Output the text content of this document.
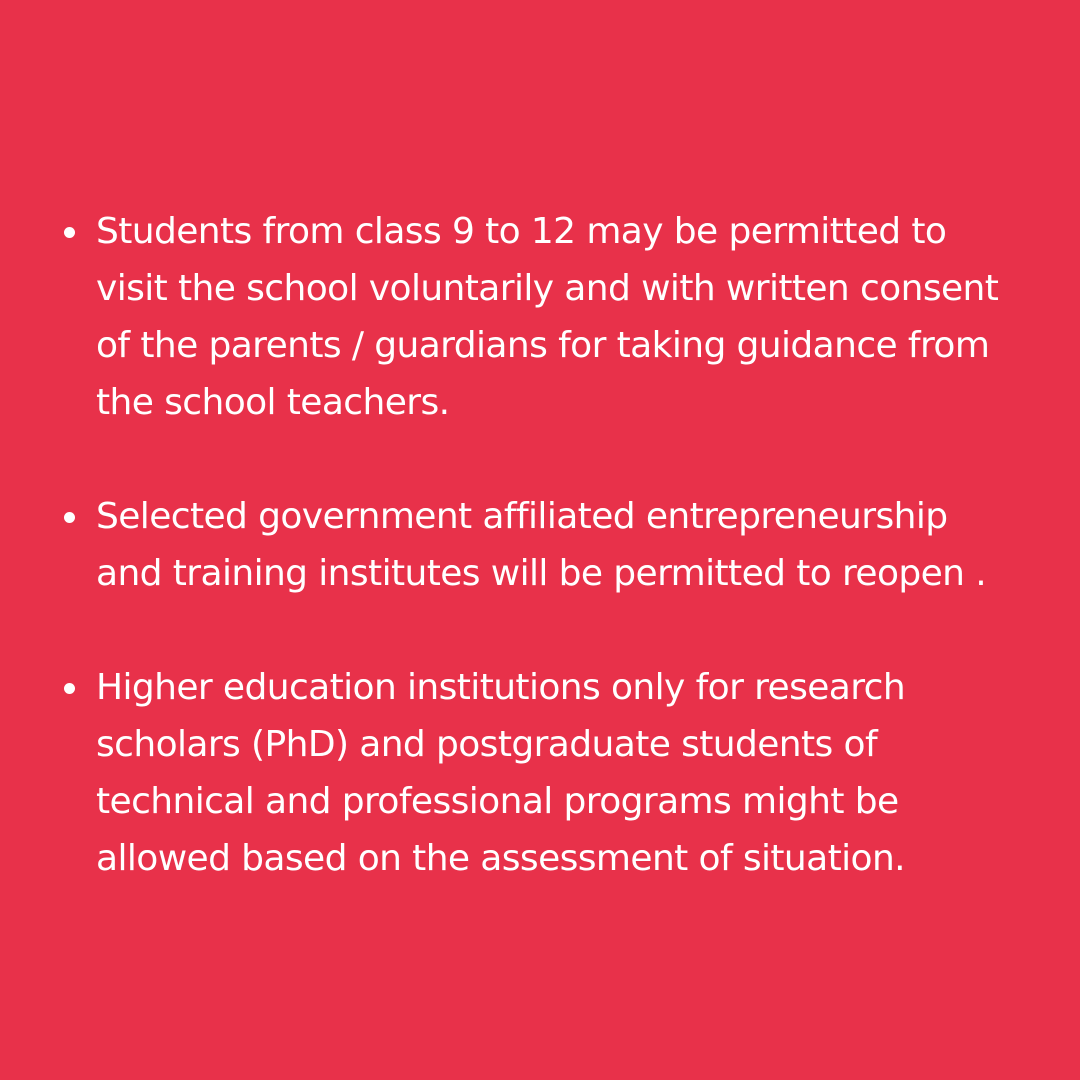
Students from class 9 to 12 may be permitted to
visit the school voluntarily and with written consent
of the parents / guardians for taking guidance from
the school teachers.
Selected government affiliated entrepreneurship
and training institutes will be permitted to reopen .
Higher education institutions only for research
scholars (PhD) and postgraduate students of
technical and professional programs might be
allowed based on the assessment of situation.
